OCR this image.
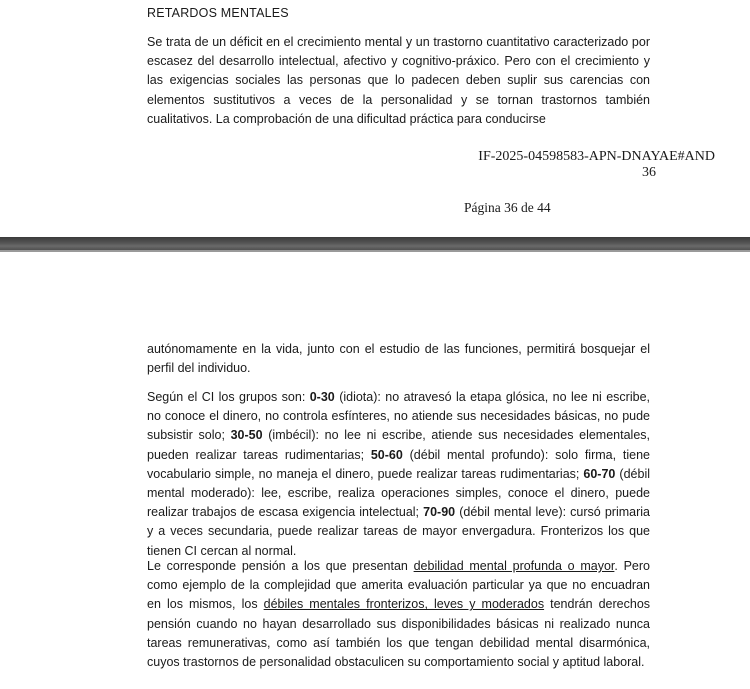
RETARDOS MENTALES
Se trata de un déficit en el crecimiento mental y un trastorno cuantitativo caracterizado por escasez del desarrollo intelectual, afectivo y cognitivo-práxico. Pero con el crecimiento y las exigencias sociales las personas que lo padecen deben suplir sus carencias con elementos sustitutivos a veces de la personalidad y se tornan trastornos también cualitativos. La comprobación de una dificultad práctica para conducirse
IF-2025-04598583-APN-DNAYAE#AND
36
Página 36 de 44
autónomamente en la vida, junto con el estudio de las funciones, permitirá bosquejar el perfil del individuo.
Según el CI los grupos son: 0-30 (idiota): no atravesó la etapa glósica, no lee ni escribe, no conoce el dinero, no controla esfínteres, no atiende sus necesidades básicas, no pude subsistir solo; 30-50 (imbécil): no lee ni escribe, atiende sus necesidades elementales, pueden realizar tareas rudimentarias; 50-60 (débil mental profundo): solo firma, tiene vocabulario simple, no maneja el dinero, puede realizar tareas rudimentarias; 60-70 (débil mental moderado): lee, escribe, realiza operaciones simples, conoce el dinero, puede realizar trabajos de escasa exigencia intelectual; 70-90 (débil mental leve): cursó primaria y a veces secundaria, puede realizar tareas de mayor envergadura. Fronterizos los que tienen CI cercan al normal.
Le corresponde pensión a los que presentan debilidad mental profunda o mayor. Pero como ejemplo de la complejidad que amerita evaluación particular ya que no encuadran en los mismos, los débiles mentales fronterizos, leves y moderados tendrán derechos pensión cuando no hayan desarrollado sus disponibilidades básicas ni realizado nunca tareas remunerativas, como así también los que tengan debilidad mental disarmónica, cuyos trastornos de personalidad obstaculicen su comportamiento social y aptitud laboral.
